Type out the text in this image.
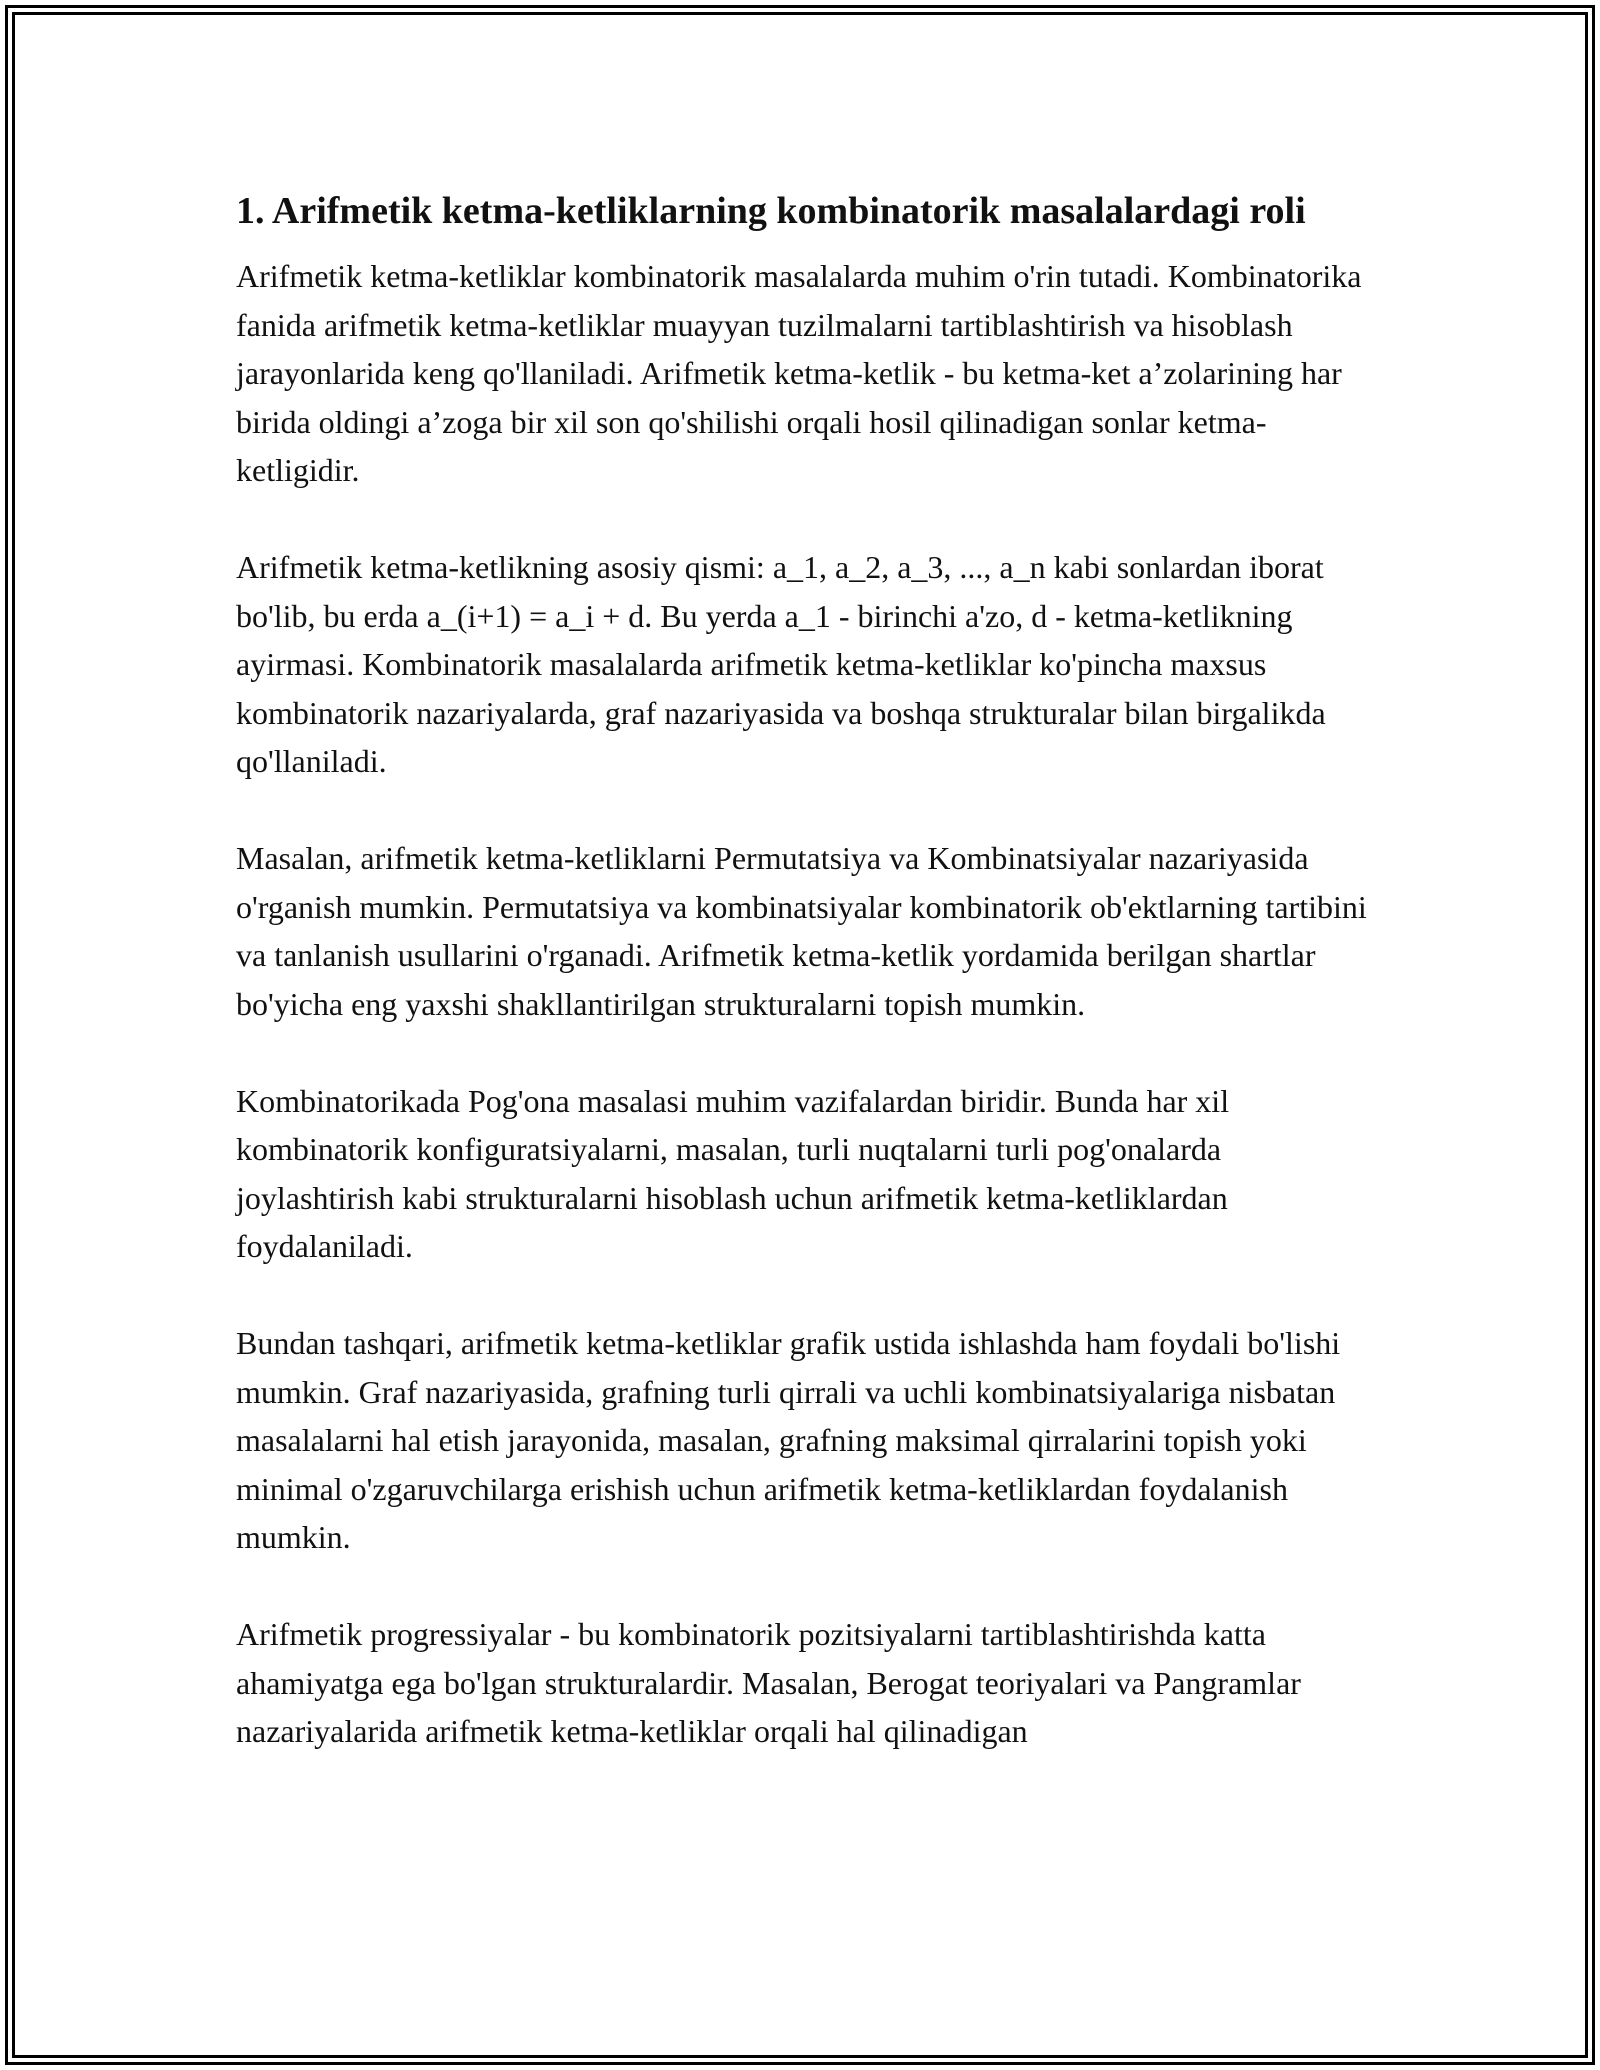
1. Arifmetik ketma-ketliklarning kombinatorik masalalardagi roli

Arifmetik ketma-ketliklar kombinatorik masalalarda muhim o'rin tutadi. Kombinatorika fanida arifmetik ketma-ketliklar muayyan tuzilmalarni tartiblashtirish va hisoblash jarayonlarida keng qo'llaniladi. Arifmetik ketma-ketlik - bu ketma-ket a’zolarining har birida oldingi a’zoga bir xil son qo'shilishi orqali hosil qilinadigan sonlar ketma-ketligidir.

Arifmetik ketma-ketlikning asosiy qismi: a_1, a_2, a_3, ..., a_n kabi sonlardan iborat bo'lib, bu erda a_(i+1) = a_i + d. Bu yerda a_1 - birinchi a'zo, d - ketma-ketlikning ayirmasi. Kombinatorik masalalarda arifmetik ketma-ketliklar ko'pincha maxsus kombinatorik nazariyalarda, graf nazariyasida va boshqa strukturalar bilan birgalikda qo'llaniladi.

Masalan, arifmetik ketma-ketliklarni Permutatsiya va Kombinatsiyalar nazariyasida o'rganish mumkin. Permutatsiya va kombinatsiyalar kombinatorik ob'ektlarning tartibini va tanlanish usullarini o'rganadi. Arifmetik ketma-ketlik yordamida berilgan shartlar bo'yicha eng yaxshi shakllantirilgan strukturalarni topish mumkin.

Kombinatorikada Pog'ona masalasi muhim vazifalardan biridir. Bunda har xil kombinatorik konfiguratsiyalarni, masalan, turli nuqtalarni turli pog'onalarda joylashtirish kabi strukturalarni hisoblash uchun arifmetik ketma-ketliklardan foydalaniladi.

Bundan tashqari, arifmetik ketma-ketliklar grafik ustida ishlashda ham foydali bo'lishi mumkin. Graf nazariyasida, grafning turli qirrali va uchli kombinatsiyalariga nisbatan masalalarni hal etish jarayonida, masalan, grafning maksimal qirralarini topish yoki minimal o'zgaruvchilarga erishish uchun arifmetik ketma-ketliklardan foydalanish mumkin.

Arifmetik progressiyalar - bu kombinatorik pozitsiyalarni tartiblashtirishda katta ahamiyatga ega bo'lgan strukturalardir. Masalan, Berogat teoriyalari va Pangramlar nazariyalarida arifmetik ketma-ketliklar orqali hal qilinadigan
